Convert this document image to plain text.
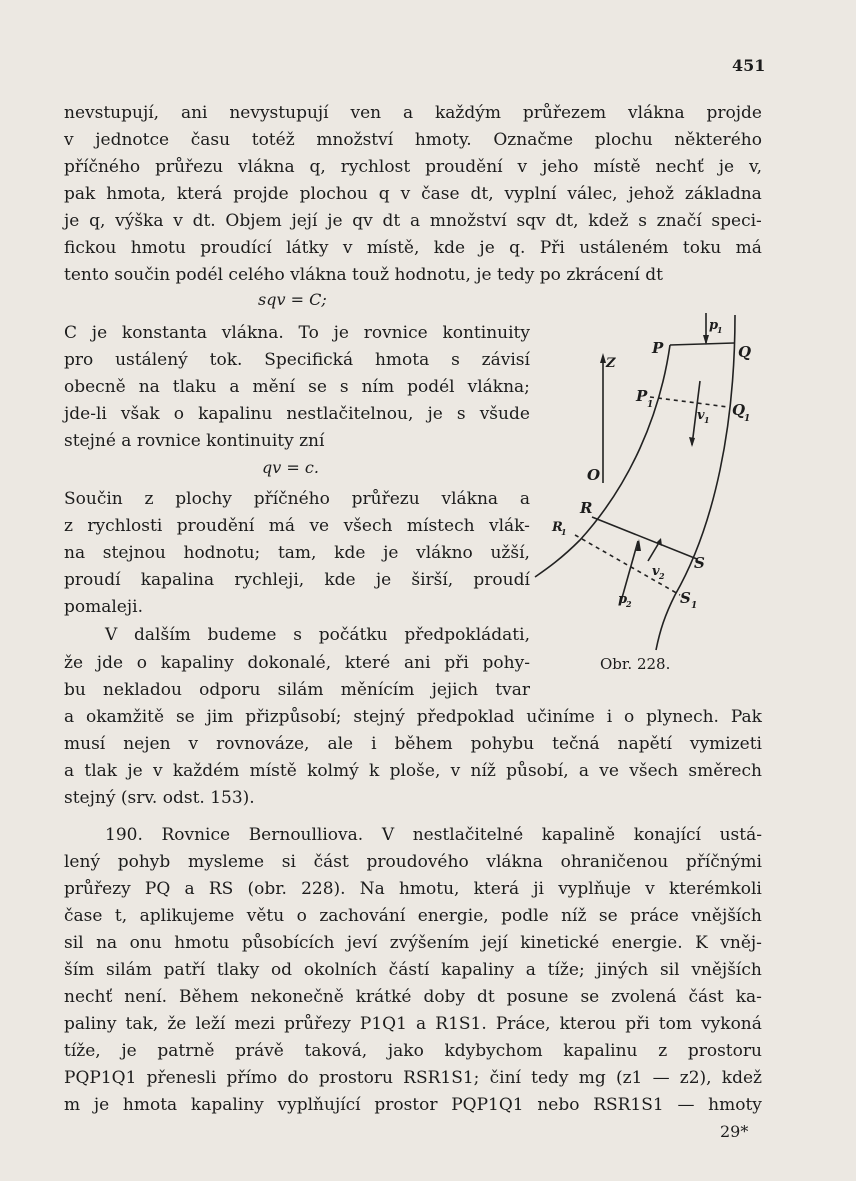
451
nevstupují, ani nevystupují ven a každým průřezem vlákna projde
v jednotce času totéž množství hmoty. Označme plochu některého
příčného průřezu vlákna q, rychlost proudění v jeho místě nechť je v,
pak hmota, která projde plochou q v čase dt, vyplní válec, jehož základna
je q, výška v dt. Objem její je qv dt a množství sqv dt, kdež s značí speci-
fickou hmotu proudící látky v místě, kde je q. Při ustáleném toku má
tento součin podél celého vlákna touž hodnotu, je tedy po zkrácení dt
C je konstanta vlákna. To je rovnice kontinuity
pro ustálený tok. Specifická hmota s závisí
obecně na tlaku a mění se s ním podél vlákna;
jde-li však o kapalinu nestlačitelnou, je s všude
stejné a rovnice kontinuity zní
Součin z plochy příčného průřezu vlákna a
z rychlosti proudění má ve všech místech vlák-
na stejnou hodnotu; tam, kde je vlákno užší,
proudí kapalina rychleji, kde je širší, proudí
pomaleji.
V dalším budeme s počátku předpokládati,
že jde o kapaliny dokonalé, které ani při pohy-
bu nekladou odporu silám měnícím jejich tvar
a okamžitě se jim přizpůsobí; stejný předpoklad učiníme i o plynech. Pak
musí nejen v rovnováze, ale i během pohybu tečná napětí vymizeti
a tlak je v každém místě kolmý k ploše, v níž působí, a ve všech směrech
stejný (srv. odst. 153).
190. Rovnice Bernoulliova. V nestlačitelné kapalině konající ustá-
lený pohyb mysleme si část proudového vlákna ohraničenou příčnými
průřezy PQ a RS (obr. 228). Na hmotu, která ji vyplňuje v kterémkoli
čase t, aplikujeme větu o zachování energie, podle níž se práce vnějších
sil na onu hmotu působících jeví zvýšením její kinetické energie. K vněj-
ším silám patří tlaky od okolních částí kapaliny a tíže; jiných sil vnějších
nechť není. Během nekonečně krátké doby dt posune se zvolená část ka-
paliny tak, že leží mezi průřezy P1Q1 a R1S1. Práce, kterou při tom vykoná
tíže, je patrně právě taková, jako kdybychom kapalinu z prostoru
PQP1Q1 přenesli přímo do prostoru RSR1S1; činí tedy mg (z1 — z2), kdež
m je hmota kapaliny vyplňující prostor PQP1Q1 nebo RSR1S1 — hmoty
sqv = C;
qv = c.
P	Q
P 1	Q
1
p
1
v 1
Z
O
R
R
1
S
S 1
v 2
p
2
Obr. 228.
29*
